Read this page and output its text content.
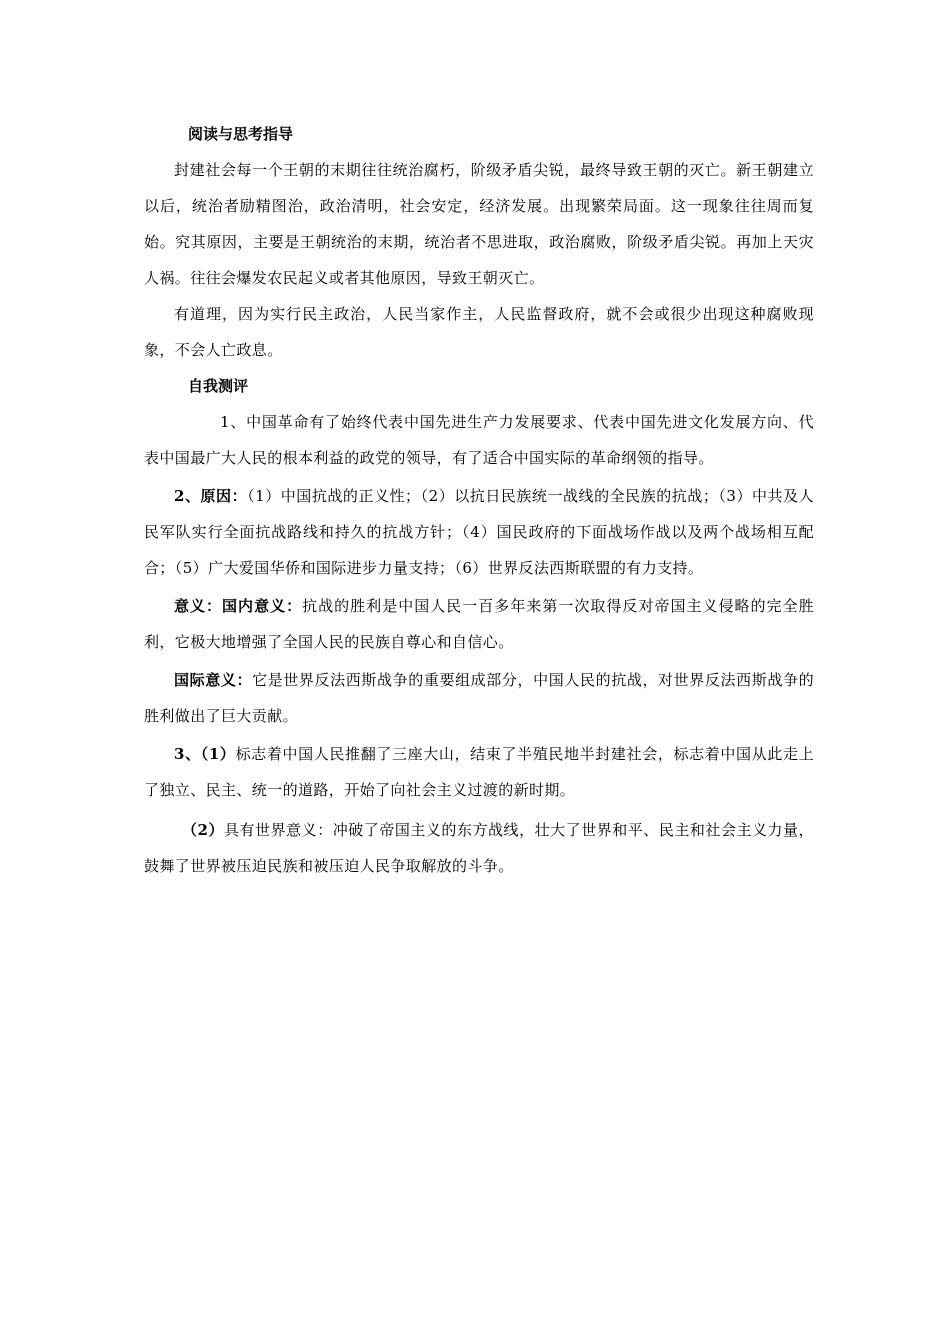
阅读与思考指导

封建社会每一个王朝的末期往往统治腐朽，阶级矛盾尖锐，最终导致王朝的灭亡。新王朝建立以后，统治者励精图治，政治清明，社会安定，经济发展。出现繁荣局面。这一现象往往周而复始。究其原因，主要是王朝统治的末期，统治者不思进取，政治腐败，阶级矛盾尖锐。再加上天灾人祸。往往会爆发农民起义或者其他原因，导致王朝灭亡。

有道理，因为实行民主政治，人民当家作主，人民监督政府，就不会或很少出现这种腐败现象，不会人亡政息。

自我测评

1、中国革命有了始终代表中国先进生产力发展要求、代表中国先进文化发展方向、代表中国最广大人民的根本利益的政党的领导，有了适合中国实际的革命纲领的指导。

2、原因：（1）中国抗战的正义性；（2）以抗日民族统一战线的全民族的抗战；（3）中共及人民军队实行全面抗战路线和持久的抗战方针；（4）国民政府的下面战场作战以及两个战场相互配合；（5）广大爱国华侨和国际进步力量支持；（6）世界反法西斯联盟的有力支持。

意义：国内意义：抗战的胜利是中国人民一百多年来第一次取得反对帝国主义侵略的完全胜利，它极大地增强了全国人民的民族自尊心和自信心。

国际意义：它是世界反法西斯战争的重要组成部分，中国人民的抗战，对世界反法西斯战争的胜利做出了巨大贡献。

3、（1）标志着中国人民推翻了三座大山，结束了半殖民地半封建社会，标志着中国从此走上了独立、民主、统一的道路，开始了向社会主义过渡的新时期。

（2）具有世界意义：冲破了帝国主义的东方战线，壮大了世界和平、民主和社会主义力量，鼓舞了世界被压迫民族和被压迫人民争取解放的斗争。
